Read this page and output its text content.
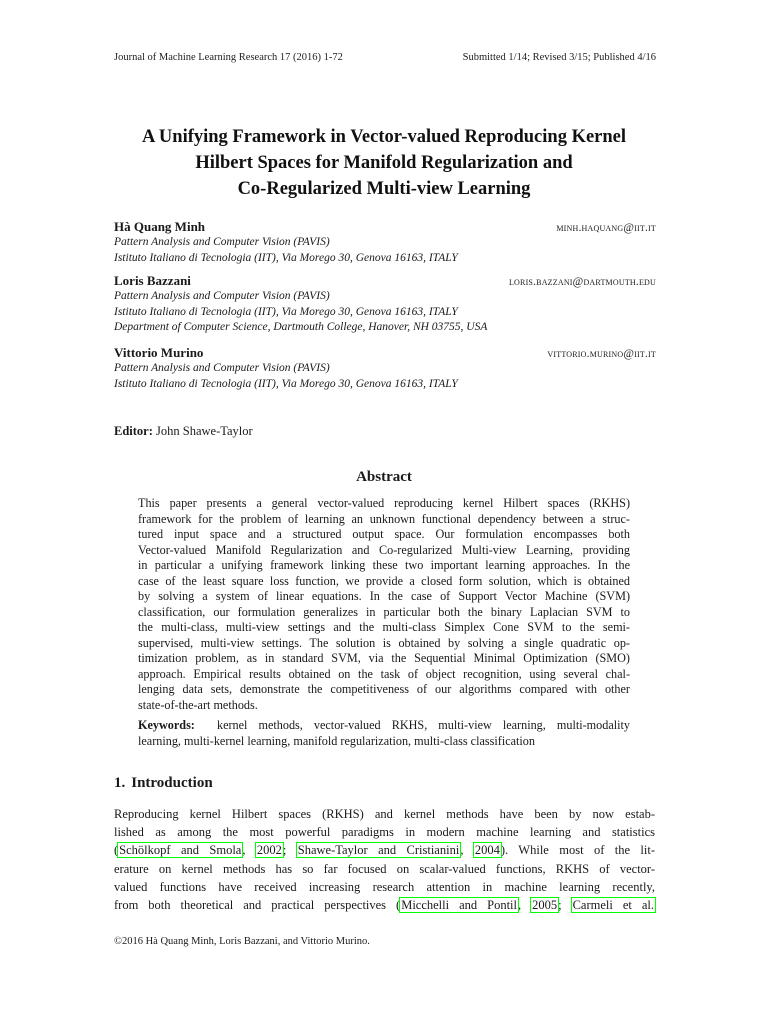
Journal of Machine Learning Research 17 (2016) 1-72	Submitted 1/14; Revised 3/15; Published 4/16
A Unifying Framework in Vector-valued Reproducing Kernel
Hilbert Spaces for Manifold Regularization and
Co-Regularized Multi-view Learning
Hà Quang Minh	minh.haquang@iit.it
Pattern Analysis and Computer Vision (PAVIS)
Istituto Italiano di Tecnologia (IIT), Via Morego 30, Genova 16163, ITALY
Loris Bazzani	loris.bazzani@dartmouth.edu
Pattern Analysis and Computer Vision (PAVIS)
Istituto Italiano di Tecnologia (IIT), Via Morego 30, Genova 16163, ITALY
Department of Computer Science, Dartmouth College, Hanover, NH 03755, USA
Vittorio Murino	vittorio.murino@iit.it
Pattern Analysis and Computer Vision (PAVIS)
Istituto Italiano di Tecnologia (IIT), Via Morego 30, Genova 16163, ITALY
Editor: John Shawe-Taylor
Abstract
This paper presents a general vector-valued reproducing kernel Hilbert spaces (RKHS)
framework for the problem of learning an unknown functional dependency between a struc-
tured input space and a structured output space. Our formulation encompasses both
Vector-valued Manifold Regularization and Co-regularized Multi-view Learning, providing
in particular a unifying framework linking these two important learning approaches. In the
case of the least square loss function, we provide a closed form solution, which is obtained
by solving a system of linear equations. In the case of Support Vector Machine (SVM)
classification, our formulation generalizes in particular both the binary Laplacian SVM to
the multi-class, multi-view settings and the multi-class Simplex Cone SVM to the semi-
supervised, multi-view settings. The solution is obtained by solving a single quadratic op-
timization problem, as in standard SVM, via the Sequential Minimal Optimization (SMO)
approach. Empirical results obtained on the task of object recognition, using several chal-
lenging data sets, demonstrate the competitiveness of our algorithms compared with other
state-of-the-art methods.
Keywords: kernel methods, vector-valued RKHS, multi-view learning, multi-modality
learning, multi-kernel learning, manifold regularization, multi-class classification
1. Introduction
Reproducing kernel Hilbert spaces (RKHS) and kernel methods have been by now estab-
lished as among the most powerful paradigms in modern machine learning and statistics
(Schölkopf and Smola, 2002; Shawe-Taylor and Cristianini, 2004). While most of the lit-
erature on kernel methods has so far focused on scalar-valued functions, RKHS of vector-
valued functions have received increasing research attention in machine learning recently,
from both theoretical and practical perspectives (Micchelli and Pontil, 2005; Carmeli et al.
©2016 Hà Quang Minh, Loris Bazzani, and Vittorio Murino.
